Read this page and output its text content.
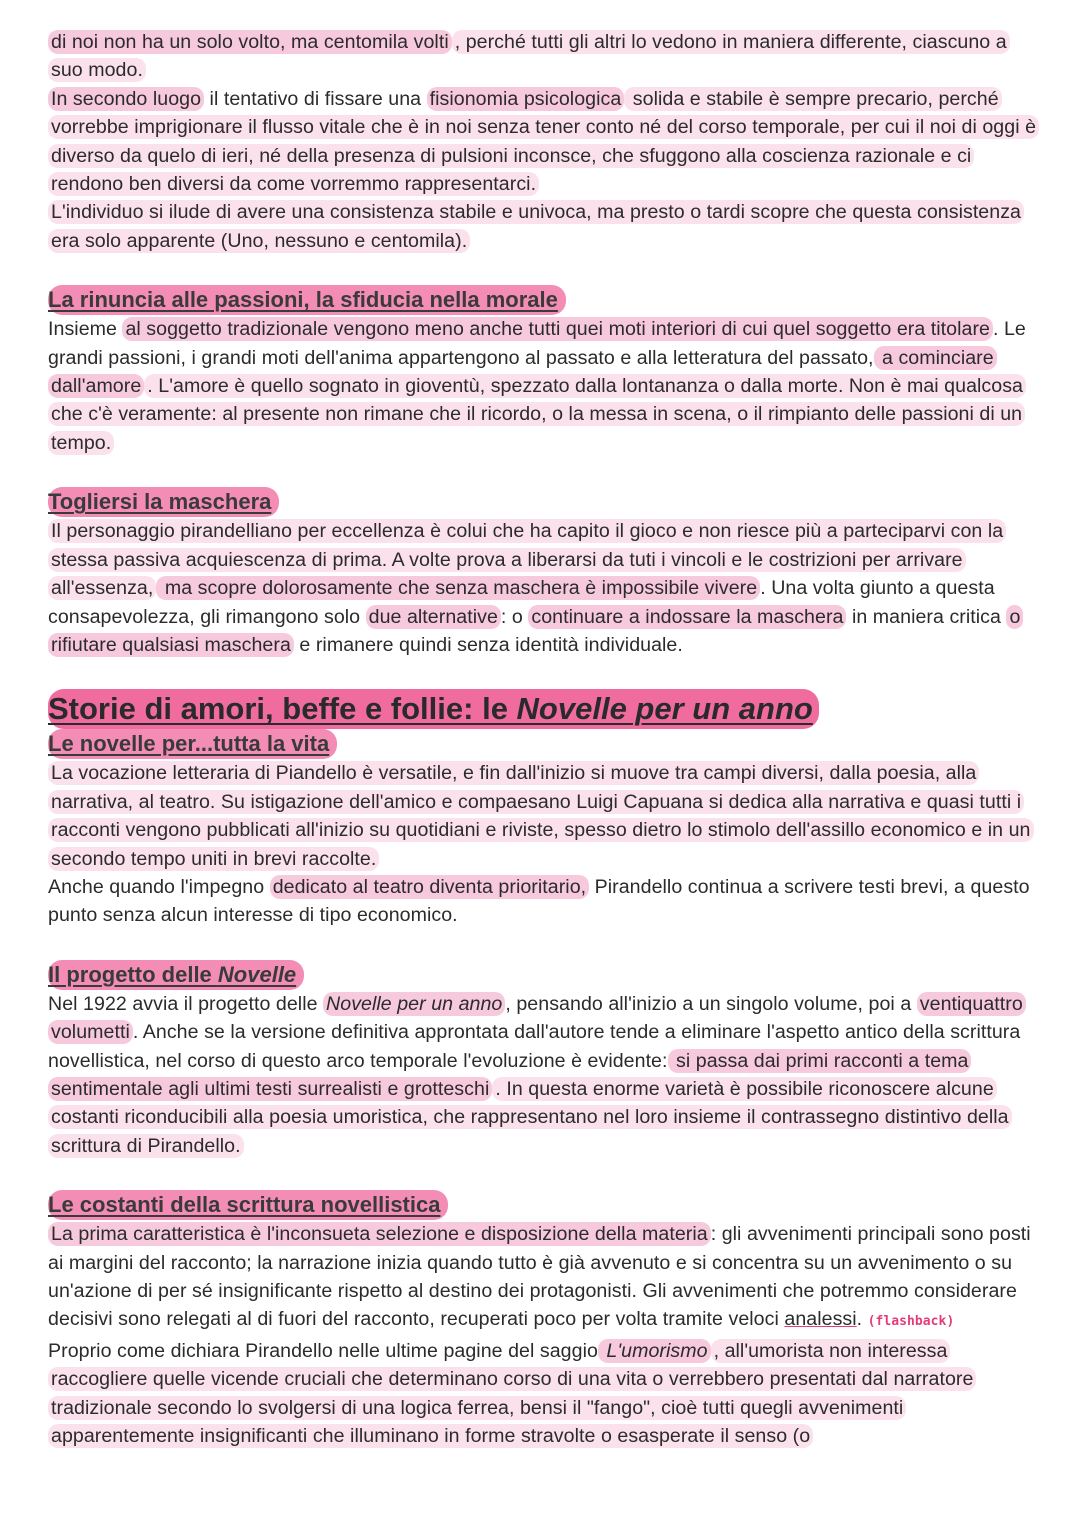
di noi non ha un solo volto, ma centomila volti , perché tutti gli altri lo vedono in maniera differente, ciascuno a suo modo.

In secondo luogo il tentativo di fissare una fisionomia psicologica solida e stabile è sempre precario, perché vorrebbe imprigionare il flusso vitale che è in noi senza tener conto né del corso temporale, per cui il noi di oggi è diverso da quelo di ieri, né della presenza di pulsioni inconsce, che sfuggono alla coscienza razionale e ci rendono ben diversi da come vorremmo rappresentarci.

L'individuo si ilude di avere una consistenza stabile e univoca, ma presto o tardi scopre che questa consistenza era solo apparente (Uno, nessuno e centomila).

La rinuncia alle passioni, la sfiducia nella morale

Insieme al soggetto tradizionale vengono meno anche tutti quei moti interiori di cui quel soggetto era titolare . Le grandi passioni, i grandi moti dell'anima appartengono al passato e alla letteratura del passato, a cominciare dall'amore . L'amore è quello sognato in gioventù, spezzato dalla lontananza o dalla morte. Non è mai qualcosa che c'è veramente: al presente non rimane che il ricordo, o la messa in scena, o il rimpianto delle passioni di un tempo.

Togliersi la maschera

Il personaggio pirandelliano per eccellenza è colui che ha capito il gioco e non riesce più a parteciparvi con la stessa passiva acquiescenza di prima. A volte prova a liberarsi da tuti i vincoli e le costrizioni per arrivare all'essenza, ma scopre dolorosamente che senza maschera è impossibile vivere . Una volta giunto a questa consapevolezza, gli rimangono solo due alternative : o continuare a indossare la maschera in maniera critica o rifiutare qualsiasi maschera e rimanere quindi senza identità individuale.

Storie di amori, beffe e follie: le Novelle per un anno
Le novelle per...tutta la vita

La vocazione letteraria di Piandello è versatile, e fin dall'inizio si muove tra campi diversi, dalla poesia, alla narrativa, al teatro. Su istigazione dell'amico e compaesano Luigi Capuana si dedica alla narrativa e quasi tutti i racconti vengono pubblicati all'inizio su quotidiani e riviste, spesso dietro lo stimolo dell'assillo economico e in un secondo tempo uniti in brevi raccolte.

Anche quando l'impegno dedicato al teatro diventa prioritario, Pirandello continua a scrivere testi brevi, a questo punto senza alcun interesse di tipo economico.

Il progetto delle Novelle

Nel 1922 avvia il progetto delle Novelle per un anno , pensando all'inizio a un singolo volume, poi a ventiquattro volumetti . Anche se la versione definitiva approntata dall'autore tende a eliminare l'aspetto antico della scrittura novellistica, nel corso di questo arco temporale l'evoluzione è evidente: si passa dai primi racconti a tema sentimentale agli ultimi testi surrealisti e grotteschi . In questa enorme varietà è possibile riconoscere alcune costanti riconducibili alla poesia umoristica, che rappresentano nel loro insieme il contrassegno distintivo della scrittura di Pirandello.

Le costanti della scrittura novellistica

La prima caratteristica è l'inconsueta selezione e disposizione della materia : gli avvenimenti principali sono posti ai margini del racconto; la narrazione inizia quando tutto è già avvenuto e si concentra su un avvenimento o su un'azione di per sé insignificante rispetto al destino dei protagonisti. Gli avvenimenti che potremmo considerare decisivi sono relegati al di fuori del racconto, recuperati poco per volta tramite veloci analessi. (flashback)

Proprio come dichiara Pirandello nelle ultime pagine del saggio L'umorismo , all'umorista non interessa raccogliere quelle vicende cruciali che determinano corso di una vita o verrebbero presentati dal narratore tradizionale secondo lo svolgersi di una logica ferrea, bensi il "fango", cioè tutti quegli avvenimenti apparentemente insignificanti che illuminano in forme stravolte o esasperate il senso (o
